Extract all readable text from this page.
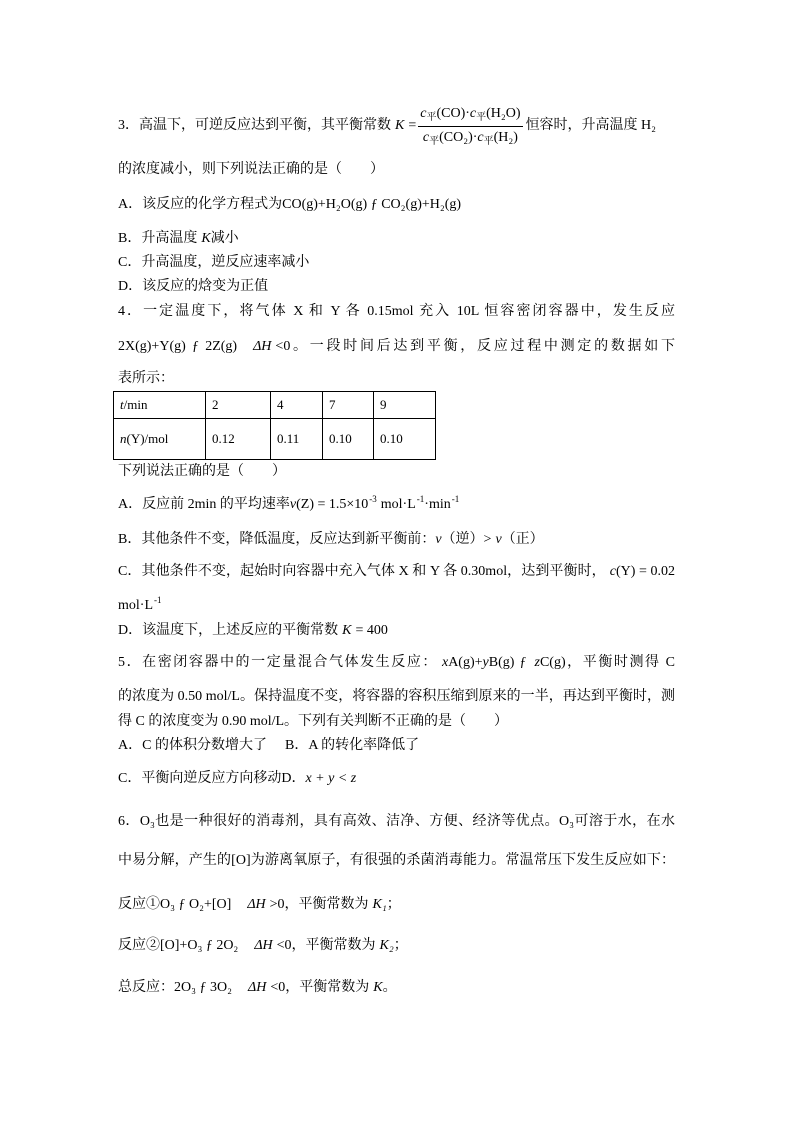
3．高温下，可逆反应达到平衡，其平衡常数 $K = \frac{c_平(CO)\cdot c_平(H_2O)}{c_平(CO_2)\cdot c_平(H_2)}$ 恒容时，升高温度 H₂
的浓度减小，则下列说法正确的是（　　）
A．该反应的化学方程式为CO(g)+H₂O(g) ƒ CO₂(g)+H₂(g)
B．升高温度 K减小
C．升高温度，逆反应速率减小
D．该反应的焓变为正值
4．一定温度下，将气体 X 和 Y 各 0.15mol 充入 10L 恒容密闭容器中，发生反应
2X(g)+Y(g) ƒ 2Z(g) ΔH <0。一段时间后达到平衡，反应过程中测定的数据如下
表所示：
t/min	2	4	7	9
n(Y)/mol	0.12	0.11	0.10	0.10
下列说法正确的是（　　）
A．反应前 2min 的平均速率$v(Z) = 1.5\times 10^{-3}$ $mol\cdot L^{-1}\cdot\min^{-1}$
B．其他条件不变，降低温度，反应达到新平衡前：v（逆）> v（正）
C．其他条件不变，起始时向容器中充入气体 X 和 Y 各 0.30mol，达到平衡时， c(Y) = 0.02
$mol\cdot L^{-1}$
D．该温度下，上述反应的平衡常数 K = 400
5．在密闭容器中的一定量混合气体发生反应： xA(g)+yB(g) ƒ zC(g)，平衡时测得 C
的浓度为 0.50 mol/L。保持温度不变，将容器的容积压缩到原来的一半，再达到平衡时，测
得 C 的浓度变为 0.90 mol/L。下列有关判断不正确的是（　　）
A．C 的体积分数增大了 B．A 的转化率降低了
C．平衡向逆反应方向移动D．x + y < z
6．O₃也是一种很好的消毒剂，具有高效、洁净、方便、经济等优点。O₃可溶于水，在水
中易分解，产生的[O]为游离氧原子，有很强的杀菌消毒能力。常温常压下发生反应如下：
反应①O₃ ƒ O₂+[O] ΔH >0，平衡常数为 K₁；
反应②[O]+O₃ ƒ 2O₂ ΔH <0，平衡常数为 K₂；
总反应：2O₃ ƒ 3O₂ ΔH <0，平衡常数为 K。
